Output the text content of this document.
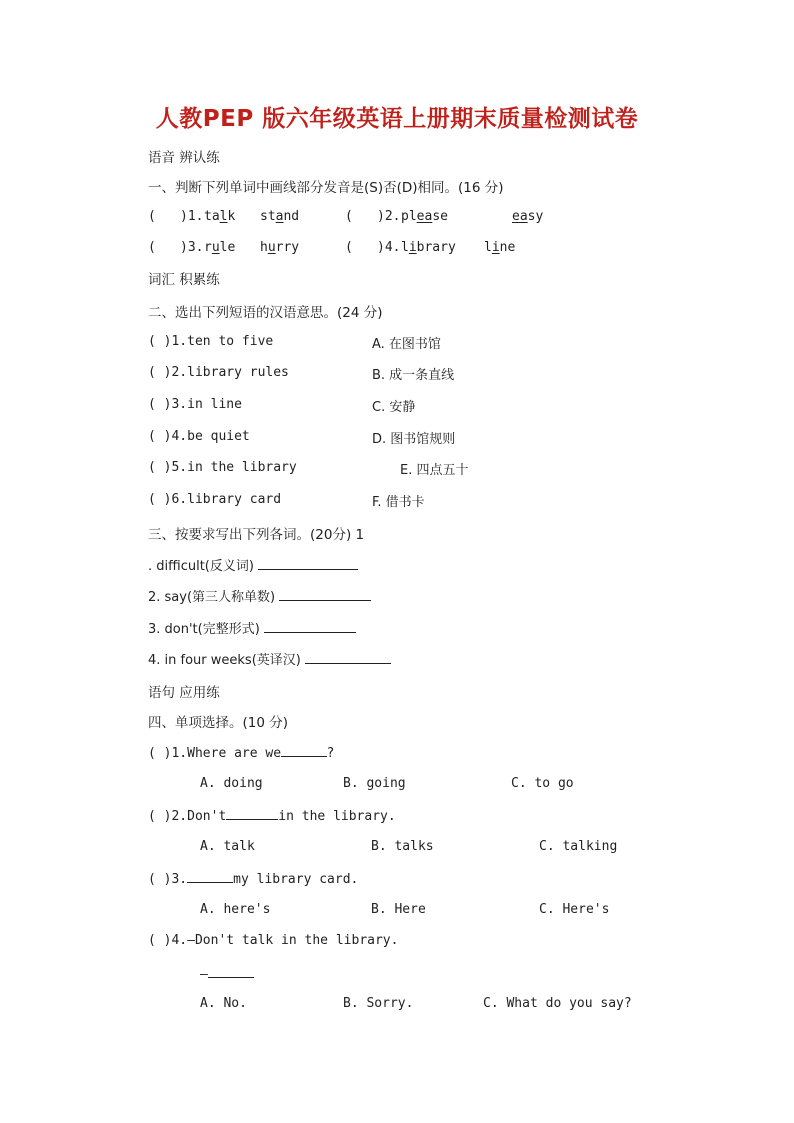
人教PEP 版六年级英语上册期末质量检测试卷
语音 辨认练
一、判断下列单词中画线部分发音是(S)否(D)相同。(16 分)
( )1. talk stand	( )2. please	easy
( )3. rule hurry	( )4. library line
词汇 积累练
二、选出下列短语的汉语意思。(24 分)
( )1.ten to five	A. 在图书馆
( )2.library rules	B. 成一条直线
( )3.in line	C. 安静
( )4.be quiet	D. 图书馆规则
( )5.in the library	E. 四点五十
( )6.library card	F. 借书卡
三、按要求写出下列各词。(20分) 1
. difficult(反义词)
2. say(第三人称单数)
3. don't(完整形式)
4. in four weeks(英译汉)
语句 应用练
四、单项选择。(10 分)
( )1.Where are we	?
A. doing	B. going	C. to go
( )2.Don't	in the library.
A. talk	B. talks	C. talking
( )3.	my library card.
A. here's	B. Here	C. Here's
( )4.—Don't talk in the library.
—
A. No.	B. Sorry.	C. What do you say?
